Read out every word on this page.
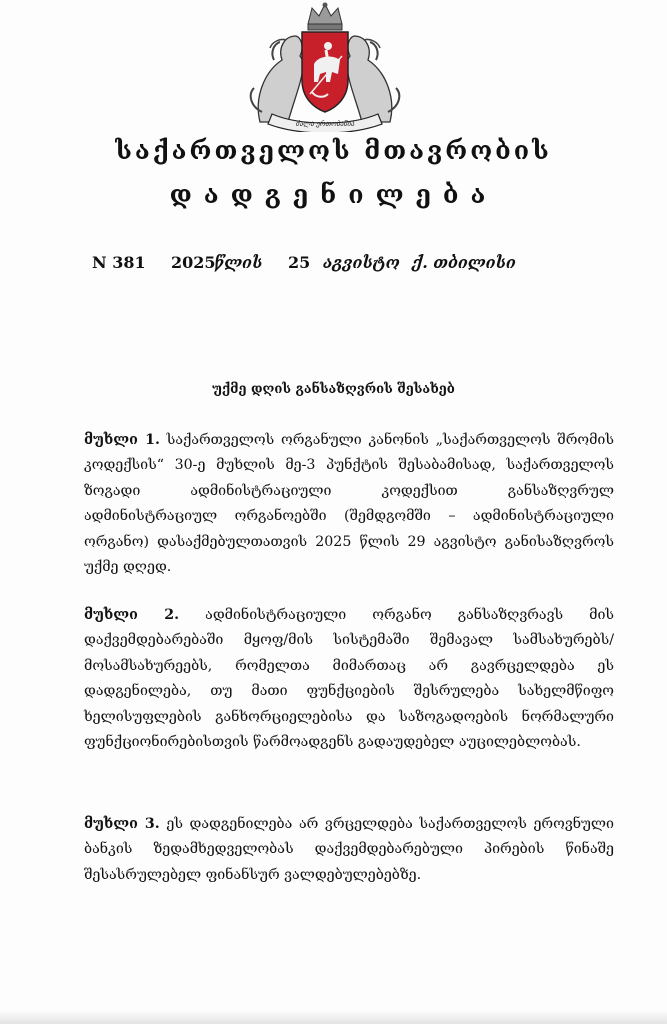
ძალა ერთობაშია
საქართველოს მთავრობის
დადგენილება
N 381 2025
წლის 25 აგვისტო ქ. თბილისი
უქმე დღის განსაზღვრის შესახებ

მუხლი 1. საქართველოს ორგანული კანონის „საქართველოს შრომის კოდექსის“ 30-ე მუხლის მე-3 პუნქტის შესაბამისად, საქართველოს ზოგადი ადმინისტრაციული კოდექსით განსაზღვრულ ადმინისტრაციულ ორგანოებში (შემდგომში – ადმინისტრაციული ორგანო) დასაქმებულთათვის 2025 წლის 29 აგვისტო განისაზღვროს უქმე დღედ.

მუხლი 2. ადმინისტრაციული ორგანო განსაზღვრავს მის დაქვემდებარებაში მყოფ/მის სისტემაში შემავალ სამსახურებს/ მოსამსახურეებს, რომელთა მიმართაც არ გავრცელდება ეს დადგენილება, თუ მათი ფუნქციების შესრულება სახელმწიფო ხელისუფლების განხორციელებისა და საზოგადოების ნორმალური ფუნქციონირებისთვის წარმოადგენს გადაუდებელ აუცილებლობას.

მუხლი 3. ეს დადგენილება არ ვრცელდება საქართველოს ეროვნული ბანკის ზედამხედველობას დაქვემდებარებული პირების წინაშე შესასრულებელ ფინანსურ ვალდებულებებზე.
